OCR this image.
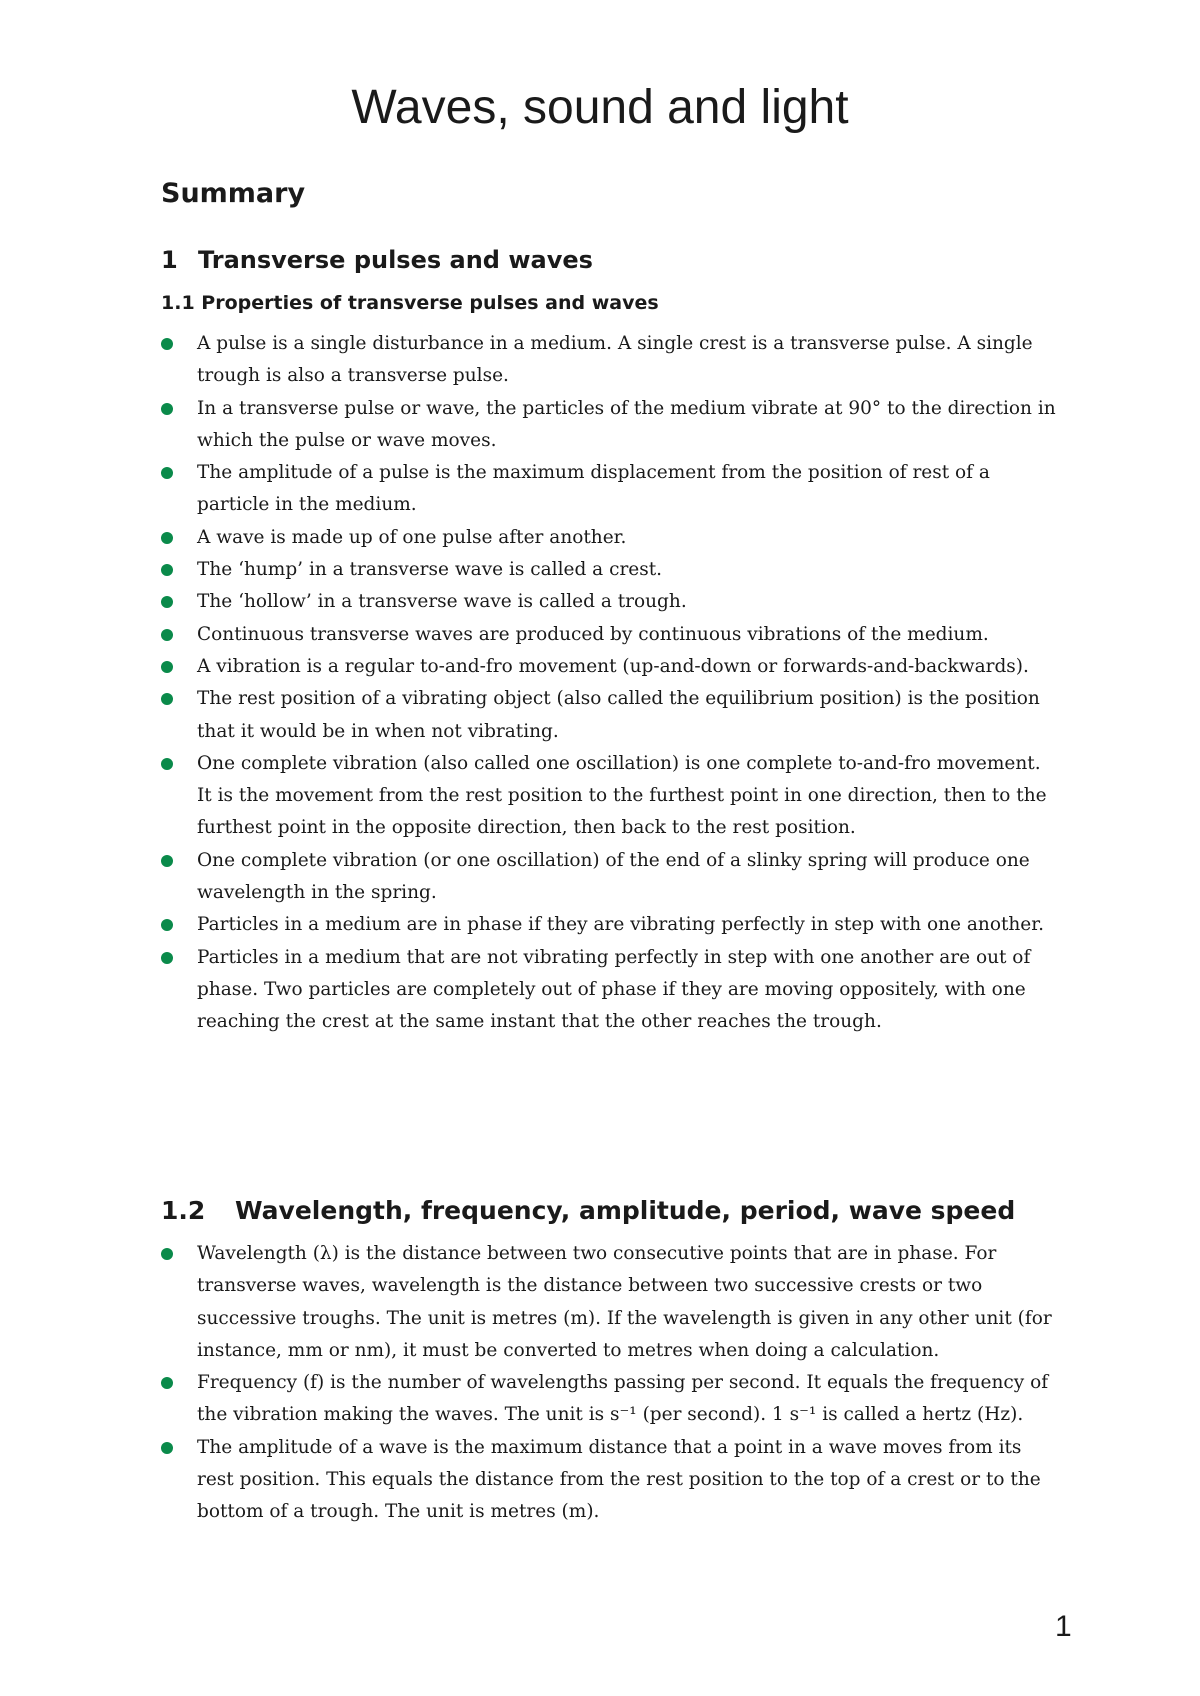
Waves, sound and light
Summary
1 Transverse pulses and waves
1.1 Properties of transverse pulses and waves
A pulse is a single disturbance in a medium. A single crest is a transverse pulse. A single trough is also a transverse pulse.
In a transverse pulse or wave, the particles of the medium vibrate at 90° to the direction in which the pulse or wave moves.
The amplitude of a pulse is the maximum displacement from the position of rest of a particle in the medium.
A wave is made up of one pulse after another.
The ‘hump’ in a transverse wave is called a crest.
The ‘hollow’ in a transverse wave is called a trough.
Continuous transverse waves are produced by continuous vibrations of the medium.
A vibration is a regular to-and-fro movement (up-and-down or forwards-and-backwards).
The rest position of a vibrating object (also called the equilibrium position) is the position that it would be in when not vibrating.
One complete vibration (also called one oscillation) is one complete to-and-fro movement. It is the movement from the rest position to the furthest point in one direction, then to the furthest point in the opposite direction, then back to the rest position.
One complete vibration (or one oscillation) of the end of a slinky spring will produce one wavelength in the spring.
Particles in a medium are in phase if they are vibrating perfectly in step with one another.
Particles in a medium that are not vibrating perfectly in step with one another are out of phase. Two particles are completely out of phase if they are moving oppositely, with one reaching the crest at the same instant that the other reaches the trough.
1.2 Wavelength, frequency, amplitude, period, wave speed
Wavelength (λ) is the distance between two consecutive points that are in phase. For transverse waves, wavelength is the distance between two successive crests or two successive troughs. The unit is metres (m). If the wavelength is given in any other unit (for instance, mm or nm), it must be converted to metres when doing a calculation.
Frequency (f) is the number of wavelengths passing per second. It equals the frequency of the vibration making the waves. The unit is s⁻¹ (per second). 1 s⁻¹ is called a hertz (Hz).
The amplitude of a wave is the maximum distance that a point in a wave moves from its rest position. This equals the distance from the rest position to the top of a crest or to the bottom of a trough. The unit is metres (m).
1
